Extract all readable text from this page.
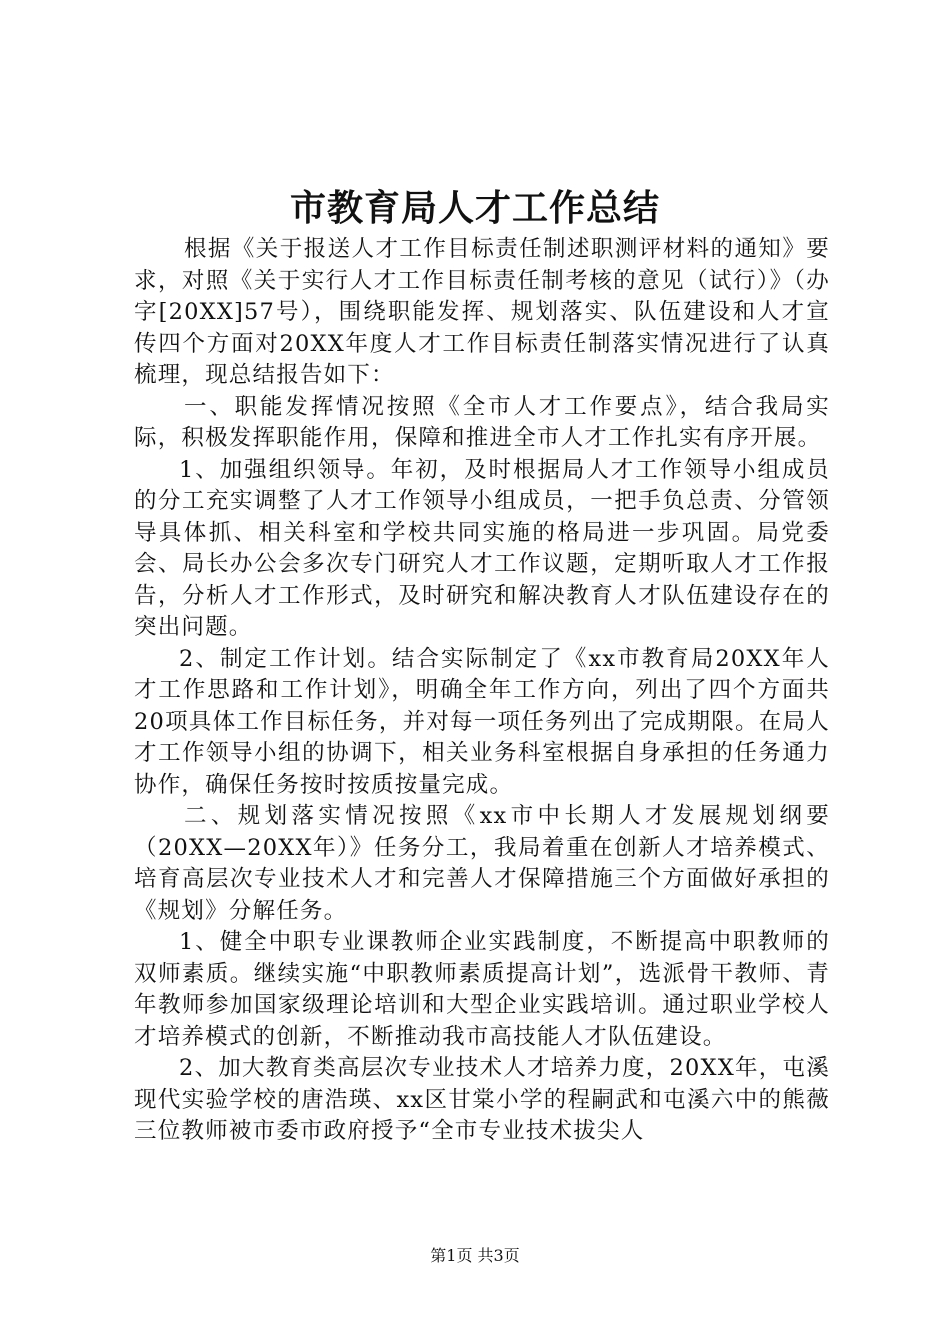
市教育局人才工作总结

根据《关于报送人才工作目标责任制述职测评材料的通知》要求，对照《关于实行人才工作目标责任制考核的意见（试行）》（办字[20XX]57号），围绕职能发挥、规划落实、队伍建设和人才宣传四个方面对20XX年度人才工作目标责任制落实情况进行了认真梳理，现总结报告如下：

一、职能发挥情况按照《全市人才工作要点》，结合我局实际，积极发挥职能作用，保障和推进全市人才工作扎实有序开展。

1、加强组织领导。年初，及时根据局人才工作领导小组成员的分工充实调整了人才工作领导小组成员，一把手负总责、分管领导具体抓、相关科室和学校共同实施的格局进一步巩固。局党委会、局长办公会多次专门研究人才工作议题，定期听取人才工作报告，分析人才工作形式，及时研究和解决教育人才队伍建设存在的突出问题。

2、制定工作计划。结合实际制定了《xx市教育局20XX年人才工作思路和工作计划》，明确全年工作方向，列出了四个方面共20项具体工作目标任务，并对每一项任务列出了完成期限。在局人才工作领导小组的协调下，相关业务科室根据自身承担的任务通力协作，确保任务按时按质按量完成。

二、规划落实情况按照《xx市中长期人才发展规划纲要（20XX—20XX年）》任务分工，我局着重在创新人才培养模式、培育高层次专业技术人才和完善人才保障措施三个方面做好承担的《规划》分解任务。

1、健全中职专业课教师企业实践制度，不断提高中职教师的双师素质。继续实施“中职教师素质提高计划”，选派骨干教师、青年教师参加国家级理论培训和大型企业实践培训。通过职业学校人才培养模式的创新，不断推动我市高技能人才队伍建设。

2、加大教育类高层次专业技术人才培养力度，20XX年，屯溪现代实验学校的唐浩瑛、xx区甘棠小学的程嗣武和屯溪六中的熊薇三位教师被市委市政府授予“全市专业技术拔尖人

第1页 共3页
